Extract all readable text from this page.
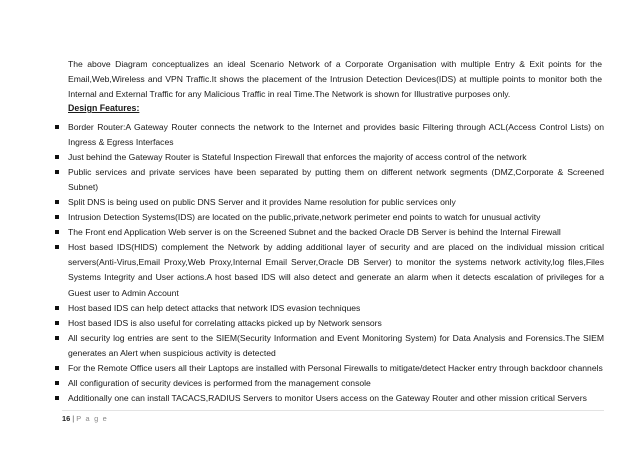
The above Diagram conceptualizes an ideal Scenario Network of a Corporate Organisation with multiple Entry & Exit points for the Email,Web,Wireless and VPN Traffic.It shows the placement of the Intrusion Detection Devices(IDS) at multiple points to monitor both the Internal and External Traffic for any Malicious Traffic in real Time.The Network is shown for Illustrative purposes only.

Design Features:
Border Router:A Gateway Router connects the network to the Internet and provides basic Filtering through ACL(Access Control Lists) on Ingress & Egress Interfaces
Just behind the Gateway Router is Stateful Inspection Firewall that enforces the majority of access control of the network
Public services and private services have been separated by putting them on different network segments (DMZ,Corporate & Screened Subnet)
Split DNS is being used on public DNS Server and it provides Name resolution for public services only
Intrusion Detection Systems(IDS) are located on the public,private,network perimeter end points to watch for unusual activity
The Front end Application Web server is on the Screened Subnet and the backed Oracle DB Server is behind the Internal Firewall
Host based IDS(HIDS) complement the Network by adding additional layer of security and are placed on the individual mission critical servers(Anti-Virus,Email Proxy,Web Proxy,Internal Email Server,Oracle DB Server) to monitor the systems network activity,log files,Files Systems Integrity and User actions.A host based IDS will also detect and generate an alarm when it detects escalation of privileges for a Guest user to Admin Account
Host based IDS can help detect attacks that network IDS evasion techniques
Host based IDS is also useful for correlating attacks picked up by Network sensors
All security log entries are sent to the SIEM(Security Information and Event Monitoring System) for Data Analysis and Forensics.The SIEM generates an Alert when suspicious activity is detected
For the Remote Office users all their Laptops are installed with Personal Firewalls to mitigate/detect Hacker entry through backdoor channels
All configuration of security devices is performed from the management console
Additionally one can install TACACS,RADIUS Servers to monitor Users access on the Gateway Router and other mission critical Servers
16 | P a g e
